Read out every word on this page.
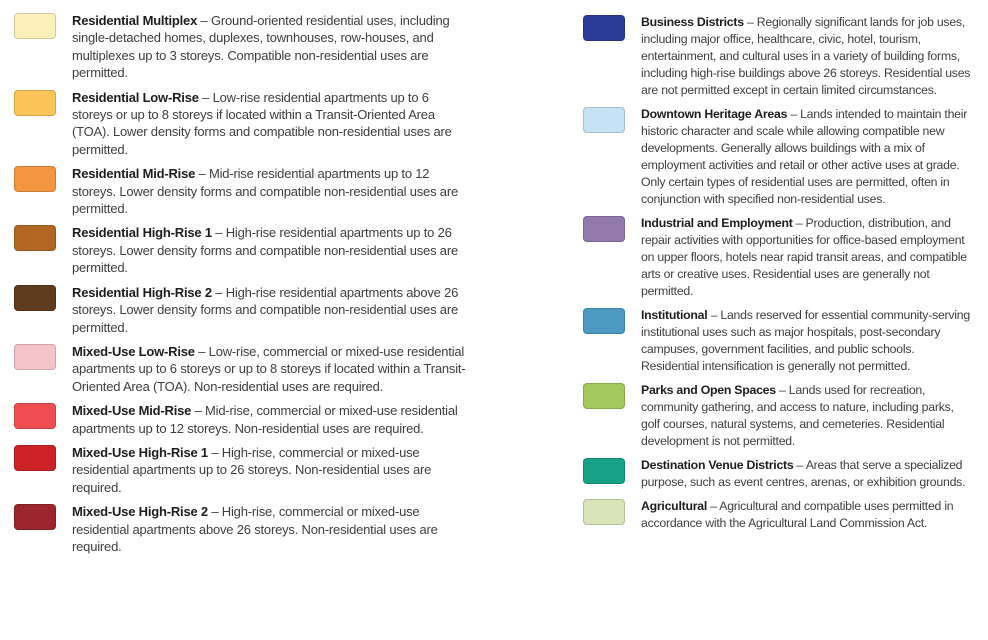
Residential Multiplex – Ground-oriented residential uses, including single-detached homes, duplexes, townhouses, row-houses, and multiplexes up to 3 storeys. Compatible non-residential uses are permitted.

Residential Low-Rise – Low-rise residential apartments up to 6 storeys or up to 8 storeys if located within a Transit-Oriented Area (TOA). Lower density forms and compatible non-residential uses are permitted.

Residential Mid-Rise – Mid-rise residential apartments up to 12 storeys. Lower density forms and compatible non-residential uses are permitted.

Residential High-Rise 1 – High-rise residential apartments up to 26 storeys. Lower density forms and compatible non-residential uses are permitted.

Residential High-Rise 2 – High-rise residential apartments above 26 storeys. Lower density forms and compatible non-residential uses are permitted.

Mixed-Use Low-Rise – Low-rise, commercial or mixed-use residential apartments up to 6 storeys or up to 8 storeys if located within a Transit-Oriented Area (TOA). Non-residential uses are required.

Mixed-Use Mid-Rise – Mid-rise, commercial or mixed-use residential apartments up to 12 storeys. Non-residential uses are required.

Mixed-Use High-Rise 1 – High-rise, commercial or mixed-use residential apartments up to 26 storeys. Non-residential uses are required.

Mixed-Use High-Rise 2 – High-rise, commercial or mixed-use residential apartments above 26 storeys. Non-residential uses are required.

Business Districts – Regionally significant lands for job uses, including major office, healthcare, civic, hotel, tourism, entertainment, and cultural uses in a variety of building forms, including high-rise buildings above 26 storeys. Residential uses are not permitted except in certain limited circumstances.

Downtown Heritage Areas – Lands intended to maintain their historic character and scale while allowing compatible new developments. Generally allows buildings with a mix of employment activities and retail or other active uses at grade. Only certain types of residential uses are permitted, often in conjunction with specified non-residential uses.

Industrial and Employment – Production, distribution, and repair activities with opportunities for office-based employment on upper floors, hotels near rapid transit areas, and compatible arts or creative uses. Residential uses are generally not permitted.

Institutional – Lands reserved for essential community-serving institutional uses such as major hospitals, post-secondary campuses, government facilities, and public schools. Residential intensification is generally not permitted.

Parks and Open Spaces – Lands used for recreation, community gathering, and access to nature, including parks, golf courses, natural systems, and cemeteries. Residential development is not permitted.

Destination Venue Districts – Areas that serve a specialized purpose, such as event centres, arenas, or exhibition grounds.

Agricultural – Agricultural and compatible uses permitted in accordance with the Agricultural Land Commission Act.
